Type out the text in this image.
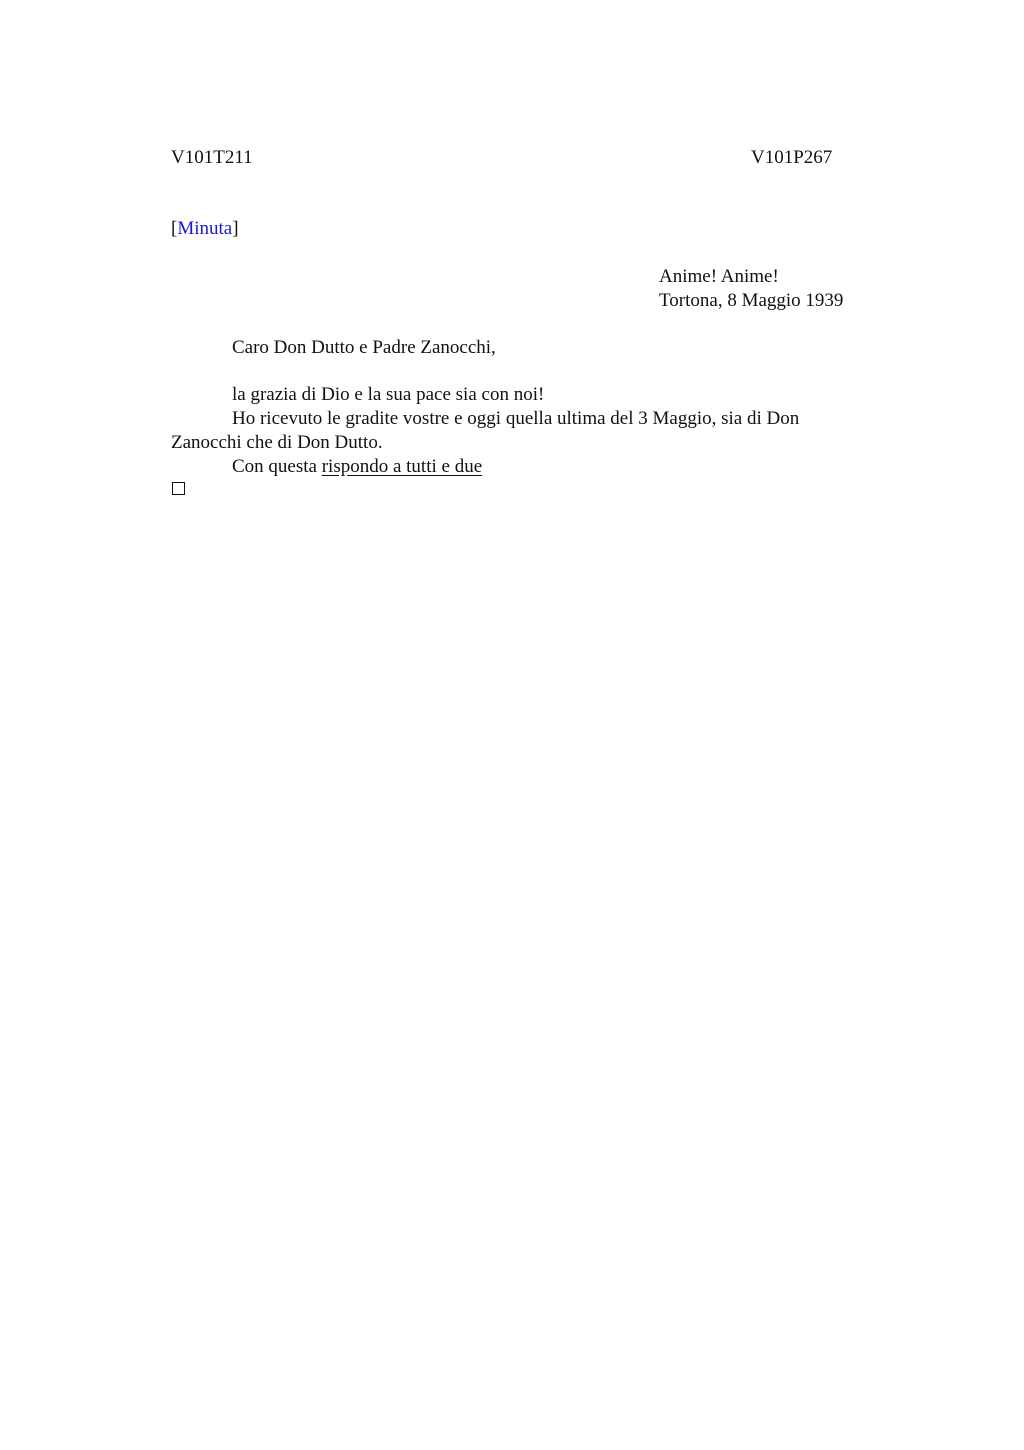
V101T211	V101P267
[Minuta]
Anime! Anime!
Tortona, 8 Maggio 1939
Caro Don Dutto e Padre Zanocchi,
la grazia di Dio e la sua pace sia con noi!
Ho ricevuto le gradite vostre e oggi quella ultima del 3 Maggio, sia di Don
Zanocchi che di Don Dutto.
Con questa rispondo a tutti e due
